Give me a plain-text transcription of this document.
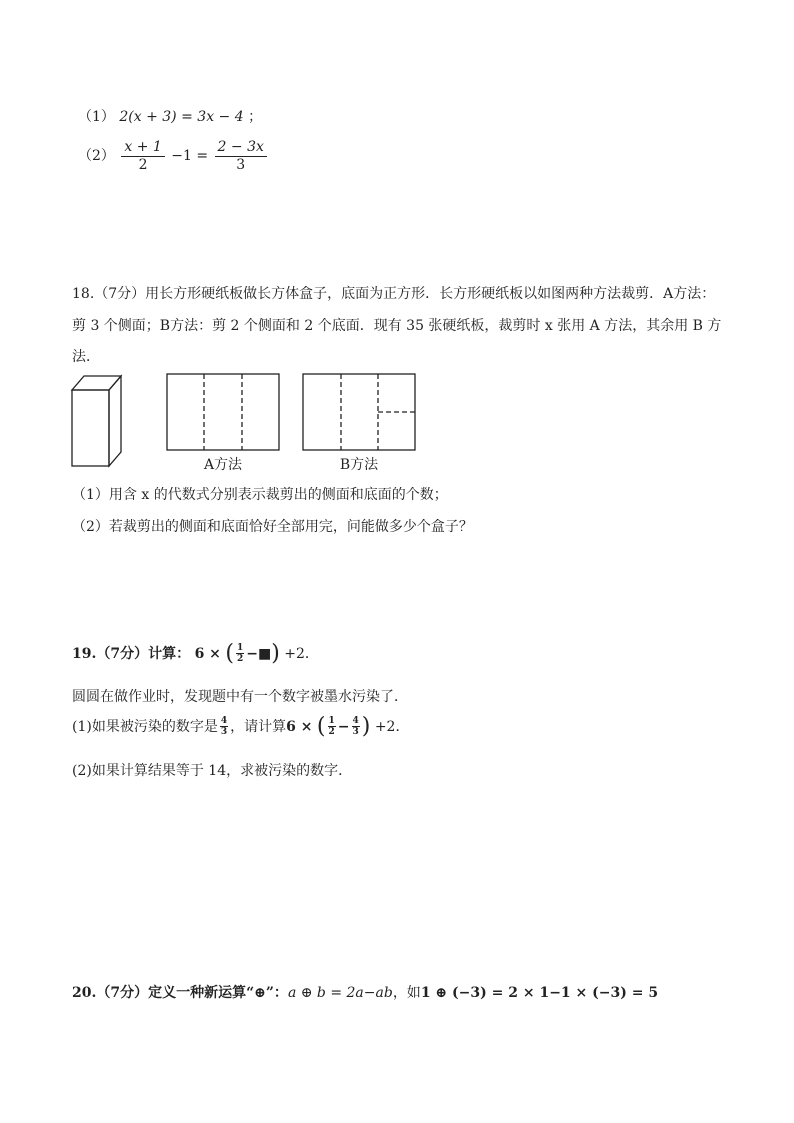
（1） 2(x + 3) = 3x − 4 ；
$(2) \frac{x + 1}{2} -1 = \frac{2 - 3x}{3}$
18.（7分）用长方形硬纸板做长方体盒子，底面为正方形．长方形硬纸板以如图两种方法裁剪．A方法：
剪 3 个侧面；B方法：剪 2 个侧面和 2 个底面．现有 35 张硬纸板，裁剪时 x 张用 A 方法，其余用 B 方
法．
A方法	B方法
（1）用含 x 的代数式分别表示裁剪出的侧面和底面的个数；
（2）若裁剪出的侧面和底面恰好全部用完，问能做多少个盒子？
19.（7分）计算： 6 × ( $\frac{1}{2}$ −■) +2．
圆圆在做作业时，发现题中有一个数字被墨水污染了．
(1)如果被污染的数字是 $\frac{4}{3}$ ，请计算6 × ( $\frac{1}{2} - \frac{4}{3}$ ) +2．
(2)如果计算结果等于 14，求被污染的数字．
20.（7分）定义一种新运算“⊕”：a ⊕ b = 2a−ab，如1 ⊕ (−3) = 2 × 1−1 × (−3) = 5
